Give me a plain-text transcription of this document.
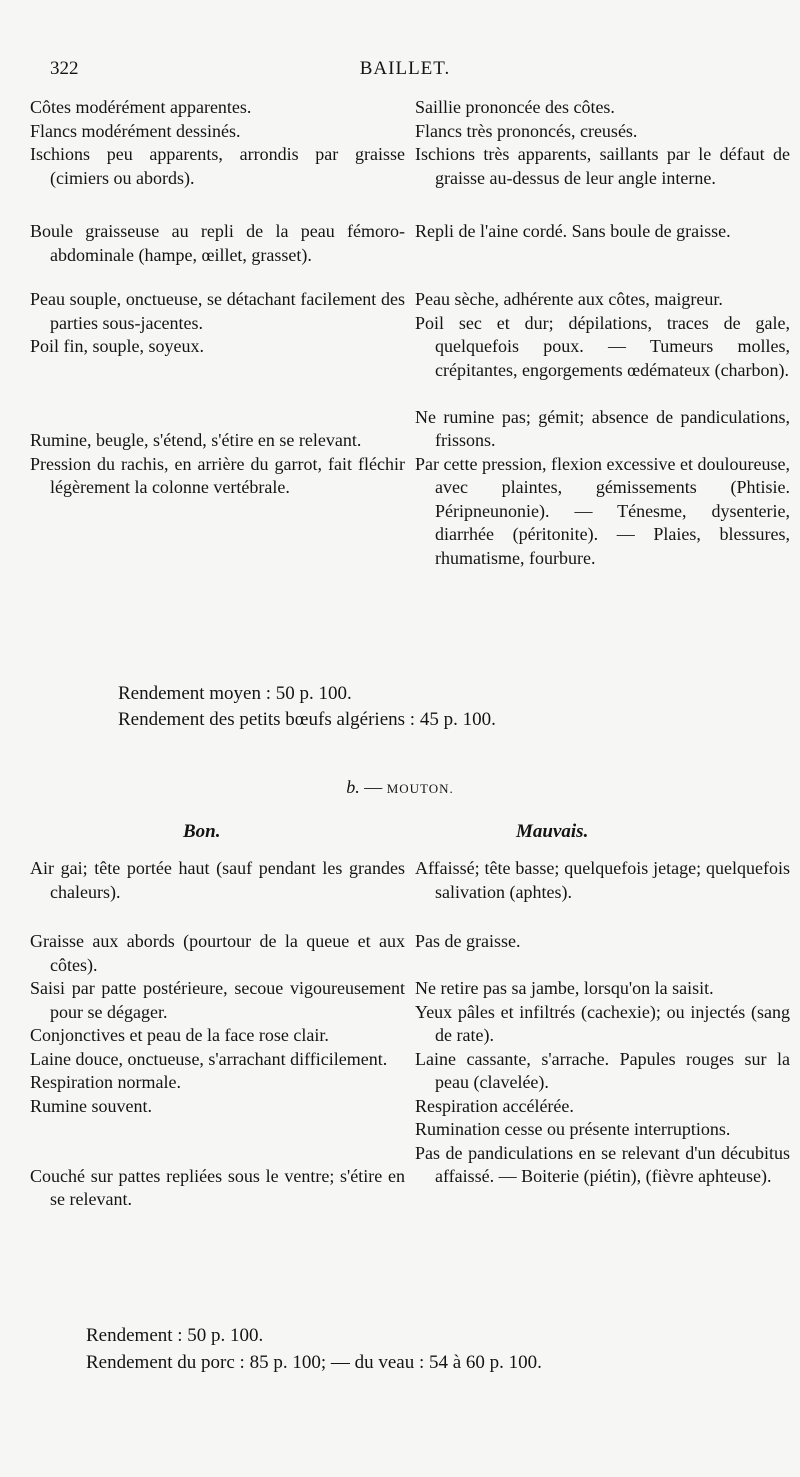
322	BAILLET.

Côtes modérément apparentes.

Flancs modérément dessinés.

Ischions peu apparents, arrondis par graisse (cimiers ou abords).

Boule graisseuse au repli de la peau fémoro-abdominale (hampe, œillet, grasset).

Peau souple, onctueuse, se détachant facilement des parties sous-jacentes.

Poil fin, souple, soyeux.

Rumine, beugle, s'étend, s'étire en se relevant.

Pression du rachis, en arrière du garrot, fait fléchir légèrement la colonne vertébrale.

Saillie prononcée des côtes.

Flancs très prononcés, creusés.

Ischions très apparents, saillants par le défaut de graisse au-dessus de leur angle interne.

Repli de l'aine cordé. Sans boule de graisse.

Peau sèche, adhérente aux côtes, maigreur.

Poil sec et dur; dépilations, traces de gale, quelquefois poux. — Tumeurs molles, crépitantes, engorgements œdémateux (charbon).

Ne rumine pas; gémit; absence de pandiculations, frissons.

Par cette pression, flexion excessive et douloureuse, avec plaintes, gémissements (Phtisie. Péripneunonie). — Ténesme, dysenterie, diarrhée (péritonite). — Plaies, blessures, rhumatisme, fourbure.

Rendement moyen : 50 p. 100.
Rendement des petits bœufs algériens : 45 p. 100.
b. — MOUTON.
Bon.	Mauvais.

Air gai; tête portée haut (sauf pendant les grandes chaleurs).

Graisse aux abords (pourtour de la queue et aux côtes).

Saisi par patte postérieure, secoue vigoureusement pour se dégager.

Conjonctives et peau de la face rose clair.

Laine douce, onctueuse, s'arrachant difficilement.

Respiration normale.

Rumine souvent.

Couché sur pattes repliées sous le ventre; s'étire en se relevant.

Affaissé; tête basse; quelquefois jetage; quelquefois salivation (aphtes).

Pas de graisse.

Ne retire pas sa jambe, lorsqu'on la saisit.

Yeux pâles et infiltrés (cachexie); ou injectés (sang de rate).

Laine cassante, s'arrache. Papules rouges sur la peau (clavelée).

Respiration accélérée.

Rumination cesse ou présente interruptions.

Pas de pandiculations en se relevant d'un décubitus affaissé. — Boiterie (piétin), (fièvre aphteuse).

Rendement : 50 p. 100.
Rendement du porc : 85 p. 100; — du veau : 54 à 60 p. 100.
